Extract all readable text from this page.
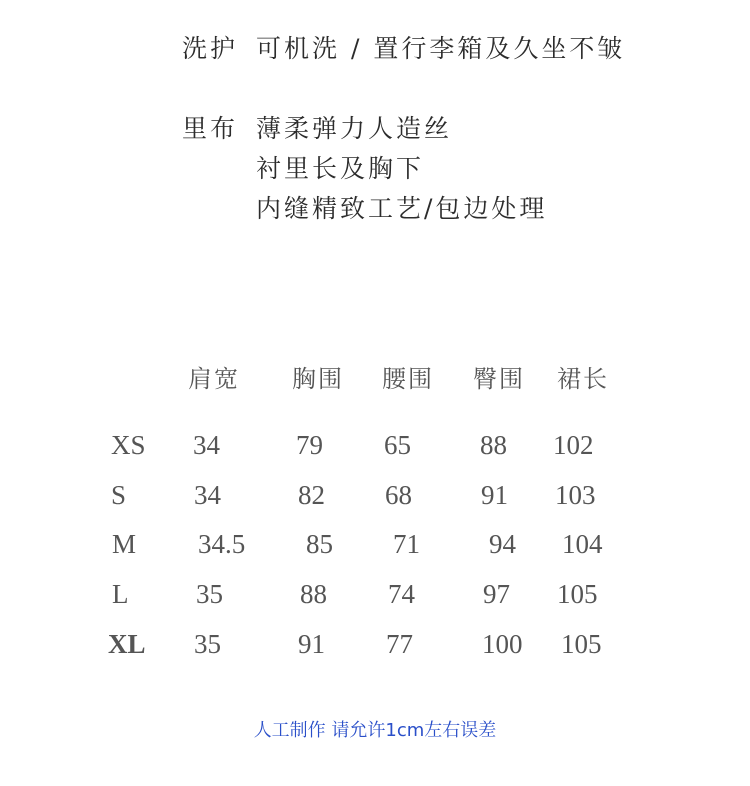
洗护 可机洗 / 置行李箱及久坐不皱
里布 薄柔弹力人造丝
衬里长及胸下
内缝精致工艺/包边处理
肩宽 胸围 腰围 臀围 裙长
XS 34	79 65	88 102
S	34	82 68	91 103
M 34.5 85 71	94 104
L	35	88 74	97 105
XL 35	91 77	100 105
人工制作 请允许1cm左右误差
